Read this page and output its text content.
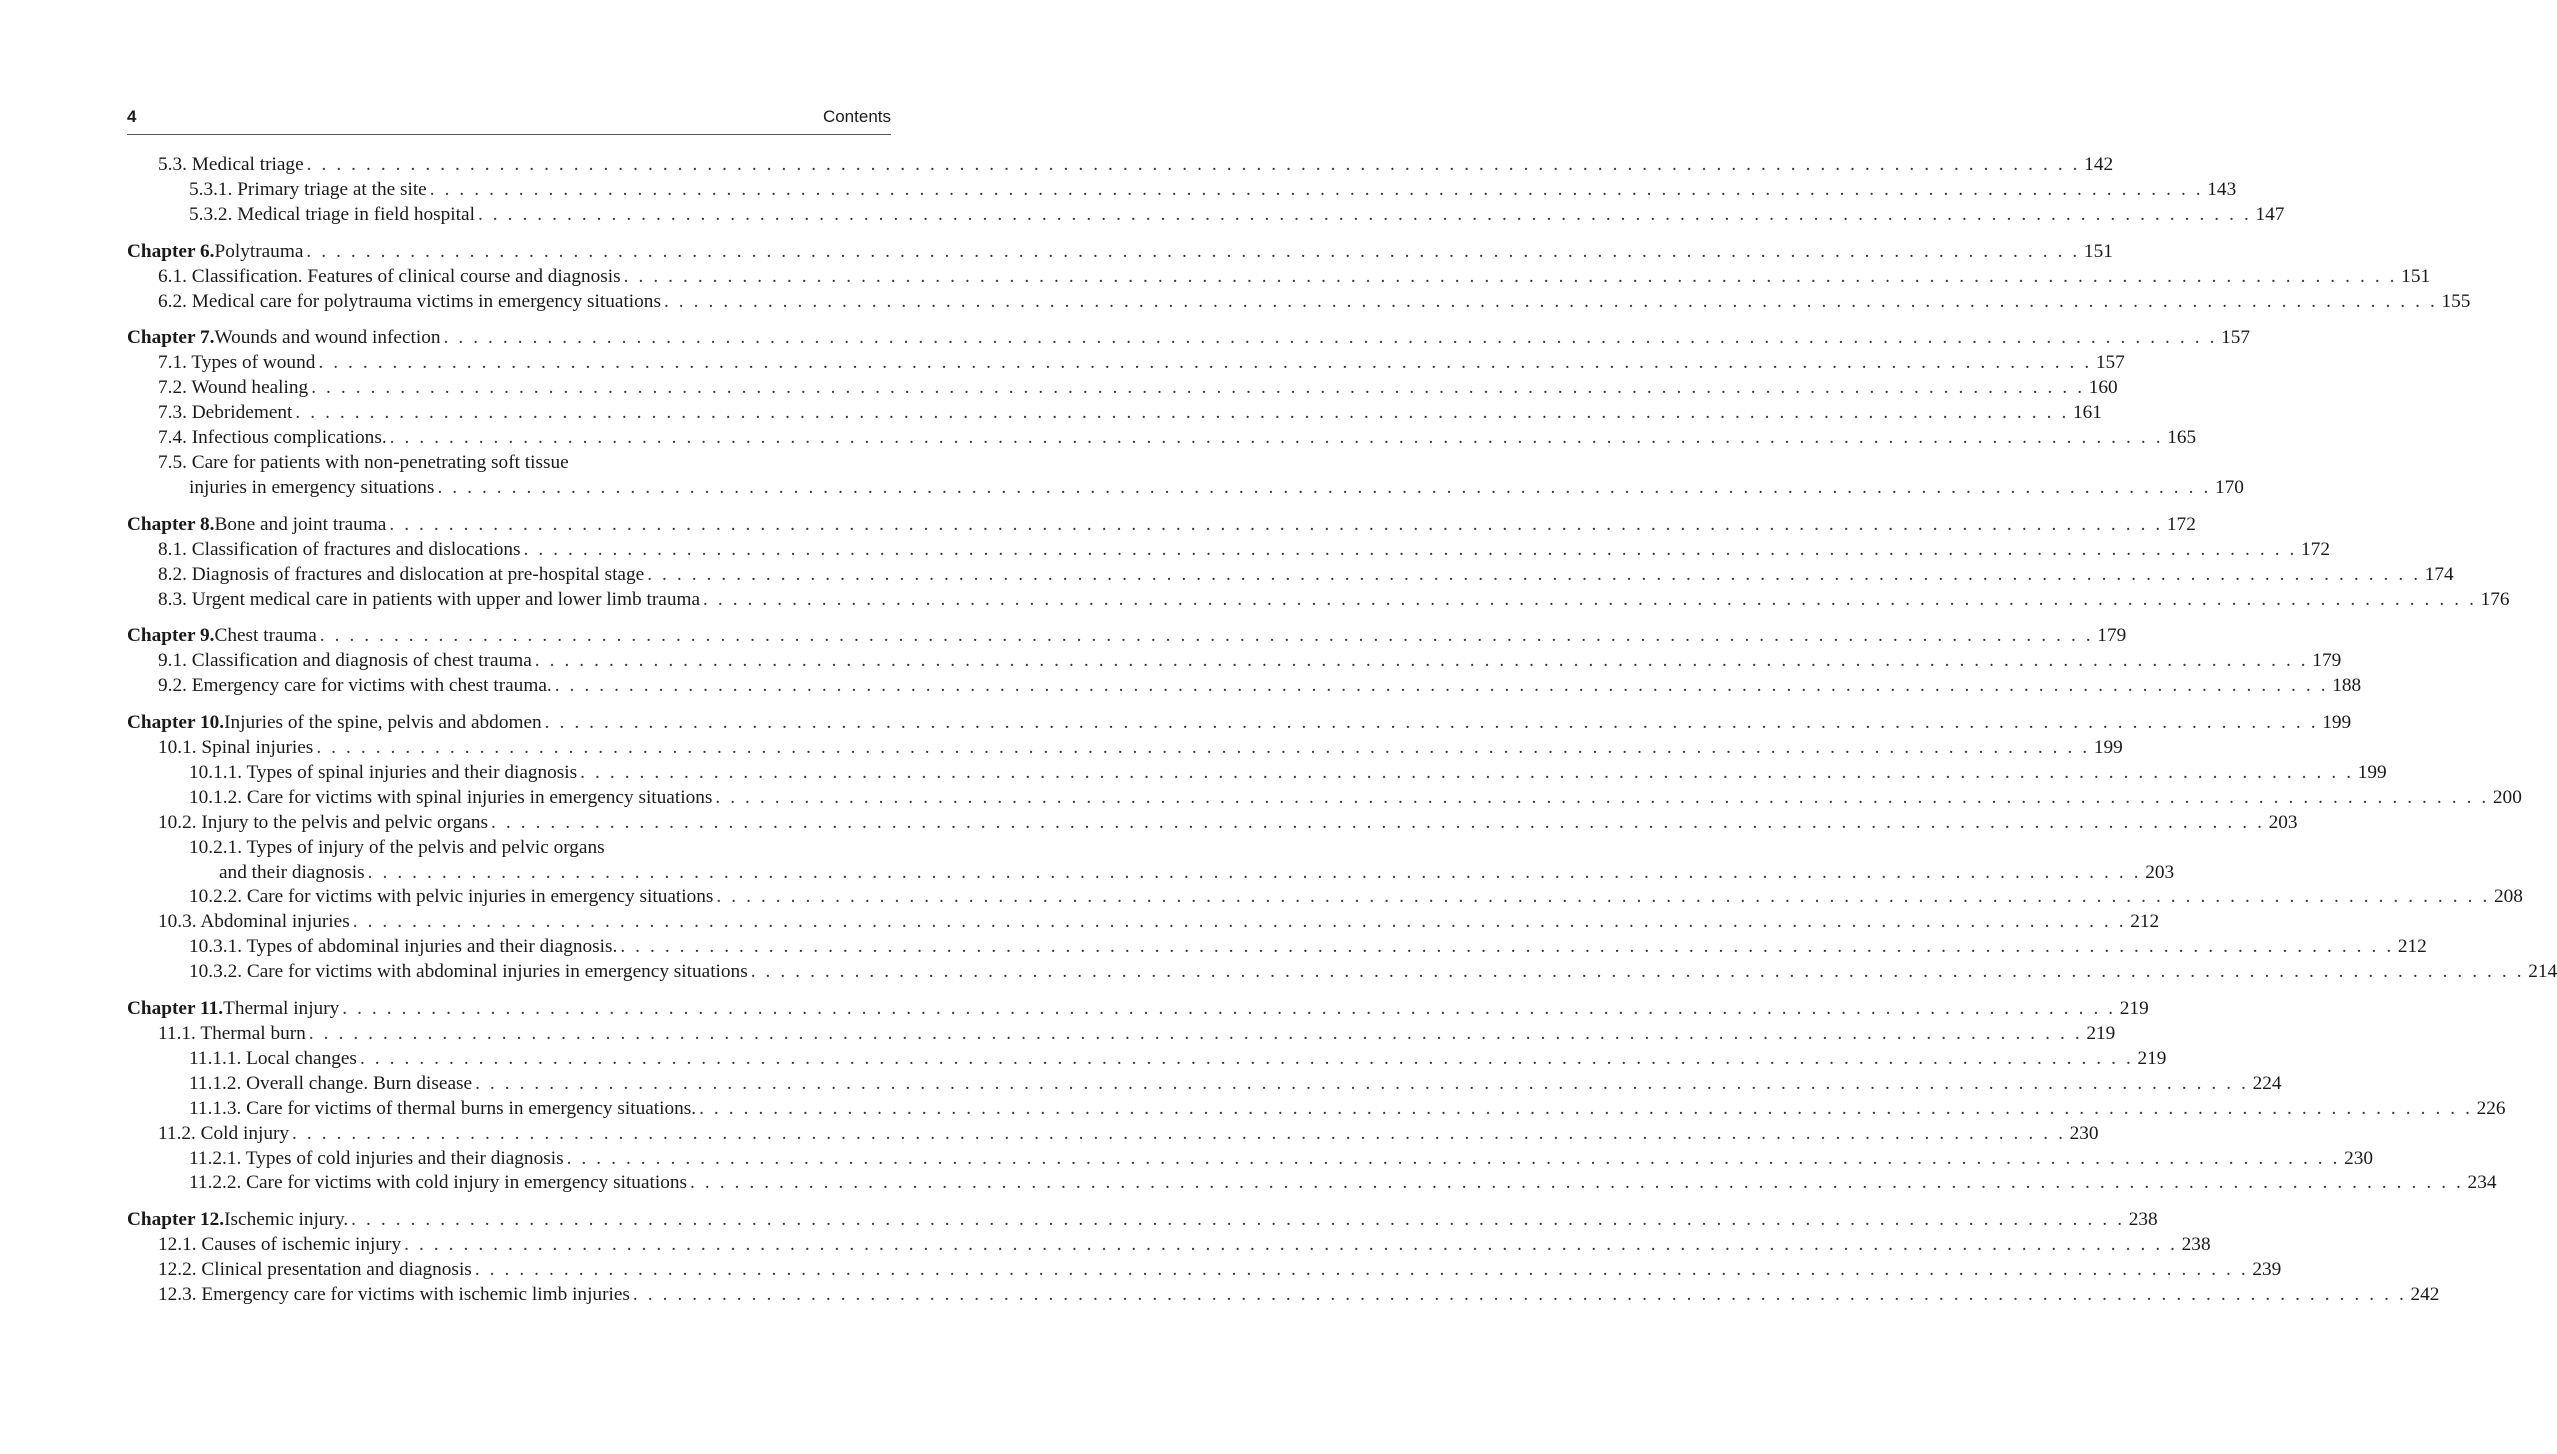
4	Contents
5.3. Medical triage . . . . . . . . . . . . . . . . . . . . . . . . . . . . . . . . . . . . . . . . . . . . . . . . . . . . . . . . . . . . . . . . . . . . . . . . . . . . . . . . . . . . . . . . . . . . . . . . . . . . . . . . . . . . . . . . . . . . . . . . 142
5.3.1. Primary triage at the site . . . . . . . . . . . . . . . . . . . . . . . . . . . . . . . . . . . . . . . . . . . . . . . . . . . . . . . . . . . . . . . . . . . . . . . . . . . . . . . . . . . . . . . . . . . . . . . . . . . . . . . . . . . . . . . . . . . . . . . . 143
5.3.2. Medical triage in field hospital . . . . . . . . . . . . . . . . . . . . . . . . . . . . . . . . . . . . . . . . . . . . . . . . . . . . . . . . . . . . . . . . . . . . . . . . . . . . . . . . . . . . . . . . . . . . . . . . . . . . . . . . . . . . . . . . . . . . . . . . 147
Chapter 6. Polytrauma . . . . . . . . . . . . . . . . . . . . . . . . . . . . . . . . . . . . . . . . . . . . . . . . . . . . . . . . . . . . . . . . . . . . . . . . . . . . . . . . . . . . . . . . . . . . . . . . . . . . . . . . . . . . . . . . . . . . . . . . 151
6.1. Classification. Features of clinical course and diagnosis . . . . . . . . . . . . . . . . . . . . . . . . . . . . . . . . . . . . . . . . . . . . . . . . . . . . . . . . . . . . . . . . . . . . . . . . . . . . . . . . . . . . . . . . . . . . . . . . . . . . . . . . . . . . . . . . . . . . . . . . 151
6.2. Medical care for polytrauma victims in emergency situations . . . . . . . . . . . . . . . . . . . . . . . . . . . . . . . . . . . . . . . . . . . . . . . . . . . . . . . . . . . . . . . . . . . . . . . . . . . . . . . . . . . . . . . . . . . . . . . . . . . . . . . . . . . . . . . . . . . . . . . . 155
Chapter 7. Wounds and wound infection . . . . . . . . . . . . . . . . . . . . . . . . . . . . . . . . . . . . . . . . . . . . . . . . . . . . . . . . . . . . . . . . . . . . . . . . . . . . . . . . . . . . . . . . . . . . . . . . . . . . . . . . . . . . . . . . . . . . . . . . 157
7.1. Types of wound . . . . . . . . . . . . . . . . . . . . . . . . . . . . . . . . . . . . . . . . . . . . . . . . . . . . . . . . . . . . . . . . . . . . . . . . . . . . . . . . . . . . . . . . . . . . . . . . . . . . . . . . . . . . . . . . . . . . . . . . 157
7.2. Wound healing . . . . . . . . . . . . . . . . . . . . . . . . . . . . . . . . . . . . . . . . . . . . . . . . . . . . . . . . . . . . . . . . . . . . . . . . . . . . . . . . . . . . . . . . . . . . . . . . . . . . . . . . . . . . . . . . . . . . . . . . 160
7.3. Debridement . . . . . . . . . . . . . . . . . . . . . . . . . . . . . . . . . . . . . . . . . . . . . . . . . . . . . . . . . . . . . . . . . . . . . . . . . . . . . . . . . . . . . . . . . . . . . . . . . . . . . . . . . . . . . . . . . . . . . . . . 161
7.4. Infectious complications. . . . . . . . . . . . . . . . . . . . . . . . . . . . . . . . . . . . . . . . . . . . . . . . . . . . . . . . . . . . . . . . . . . . . . . . . . . . . . . . . . . . . . . . . . . . . . . . . . . . . . . . . . . . . . . . . . . . . . . . . 165
7.5. Care for patients with non-penetrating soft tissue
injuries in emergency situations . . . . . . . . . . . . . . . . . . . . . . . . . . . . . . . . . . . . . . . . . . . . . . . . . . . . . . . . . . . . . . . . . . . . . . . . . . . . . . . . . . . . . . . . . . . . . . . . . . . . . . . . . . . . . . . . . . . . . . . . 170
Chapter 8. Bone and joint trauma . . . . . . . . . . . . . . . . . . . . . . . . . . . . . . . . . . . . . . . . . . . . . . . . . . . . . . . . . . . . . . . . . . . . . . . . . . . . . . . . . . . . . . . . . . . . . . . . . . . . . . . . . . . . . . . . . . . . . . . . 172
8.1. Classification of fractures and dislocations . . . . . . . . . . . . . . . . . . . . . . . . . . . . . . . . . . . . . . . . . . . . . . . . . . . . . . . . . . . . . . . . . . . . . . . . . . . . . . . . . . . . . . . . . . . . . . . . . . . . . . . . . . . . . . . . . . . . . . . . 172
8.2. Diagnosis of fractures and dislocation at pre-hospital stage . . . . . . . . . . . . . . . . . . . . . . . . . . . . . . . . . . . . . . . . . . . . . . . . . . . . . . . . . . . . . . . . . . . . . . . . . . . . . . . . . . . . . . . . . . . . . . . . . . . . . . . . . . . . . . . . . . . . . . . . 174
8.3. Urgent medical care in patients with upper and lower limb trauma . . . . . . . . . . . . . . . . . . . . . . . . . . . . . . . . . . . . . . . . . . . . . . . . . . . . . . . . . . . . . . . . . . . . . . . . . . . . . . . . . . . . . . . . . . . . . . . . . . . . . . . . . . . . . . . . . . . . . . . . 176
Chapter 9. Chest trauma . . . . . . . . . . . . . . . . . . . . . . . . . . . . . . . . . . . . . . . . . . . . . . . . . . . . . . . . . . . . . . . . . . . . . . . . . . . . . . . . . . . . . . . . . . . . . . . . . . . . . . . . . . . . . . . . . . . . . . . . 179
9.1. Classification and diagnosis of chest trauma . . . . . . . . . . . . . . . . . . . . . . . . . . . . . . . . . . . . . . . . . . . . . . . . . . . . . . . . . . . . . . . . . . . . . . . . . . . . . . . . . . . . . . . . . . . . . . . . . . . . . . . . . . . . . . . . . . . . . . . . 179
9.2. Emergency care for victims with chest trauma. . . . . . . . . . . . . . . . . . . . . . . . . . . . . . . . . . . . . . . . . . . . . . . . . . . . . . . . . . . . . . . . . . . . . . . . . . . . . . . . . . . . . . . . . . . . . . . . . . . . . . . . . . . . . . . . . . . . . . . . . 188
Chapter 10. Injuries of the spine, pelvis and abdomen . . . . . . . . . . . . . . . . . . . . . . . . . . . . . . . . . . . . . . . . . . . . . . . . . . . . . . . . . . . . . . . . . . . . . . . . . . . . . . . . . . . . . . . . . . . . . . . . . . . . . . . . . . . . . . . . . . . . . . . . 199
10.1. Spinal injuries . . . . . . . . . . . . . . . . . . . . . . . . . . . . . . . . . . . . . . . . . . . . . . . . . . . . . . . . . . . . . . . . . . . . . . . . . . . . . . . . . . . . . . . . . . . . . . . . . . . . . . . . . . . . . . . . . . . . . . . . 199
10.1.1. Types of spinal injuries and their diagnosis . . . . . . . . . . . . . . . . . . . . . . . . . . . . . . . . . . . . . . . . . . . . . . . . . . . . . . . . . . . . . . . . . . . . . . . . . . . . . . . . . . . . . . . . . . . . . . . . . . . . . . . . . . . . . . . . . . . . . . . . 199
10.1.2. Care for victims with spinal injuries in emergency situations . . . . . . . . . . . . . . . . . . . . . . . . . . . . . . . . . . . . . . . . . . . . . . . . . . . . . . . . . . . . . . . . . . . . . . . . . . . . . . . . . . . . . . . . . . . . . . . . . . . . . . . . . . . . . . . . . . . . . . . . 200
10.2. Injury to the pelvis and pelvic organs . . . . . . . . . . . . . . . . . . . . . . . . . . . . . . . . . . . . . . . . . . . . . . . . . . . . . . . . . . . . . . . . . . . . . . . . . . . . . . . . . . . . . . . . . . . . . . . . . . . . . . . . . . . . . . . . . . . . . . . . 203
10.2.1. Types of injury of the pelvis and pelvic organs
and their diagnosis . . . . . . . . . . . . . . . . . . . . . . . . . . . . . . . . . . . . . . . . . . . . . . . . . . . . . . . . . . . . . . . . . . . . . . . . . . . . . . . . . . . . . . . . . . . . . . . . . . . . . . . . . . . . . . . . . . . . . . . . 203
10.2.2. Care for victims with pelvic injuries in emergency situations . . . . . . . . . . . . . . . . . . . . . . . . . . . . . . . . . . . . . . . . . . . . . . . . . . . . . . . . . . . . . . . . . . . . . . . . . . . . . . . . . . . . . . . . . . . . . . . . . . . . . . . . . . . . . . . . . . . . . . . . 208
10.3. Abdominal injuries . . . . . . . . . . . . . . . . . . . . . . . . . . . . . . . . . . . . . . . . . . . . . . . . . . . . . . . . . . . . . . . . . . . . . . . . . . . . . . . . . . . . . . . . . . . . . . . . . . . . . . . . . . . . . . . . . . . . . . . . 212
10.3.1. Types of abdominal injuries and their diagnosis. . . . . . . . . . . . . . . . . . . . . . . . . . . . . . . . . . . . . . . . . . . . . . . . . . . . . . . . . . . . . . . . . . . . . . . . . . . . . . . . . . . . . . . . . . . . . . . . . . . . . . . . . . . . . . . . . . . . . . . . . 212
10.3.2. Care for victims with abdominal injuries in emergency situations . . . . . . . . . . . . . . . . . . . . . . . . . . . . . . . . . . . . . . . . . . . . . . . . . . . . . . . . . . . . . . . . . . . . . . . . . . . . . . . . . . . . . . . . . . . . . . . . . . . . . . . . . . . . . . . . . . . . . . . . 214
Chapter 11. Thermal injury . . . . . . . . . . . . . . . . . . . . . . . . . . . . . . . . . . . . . . . . . . . . . . . . . . . . . . . . . . . . . . . . . . . . . . . . . . . . . . . . . . . . . . . . . . . . . . . . . . . . . . . . . . . . . . . . . . . . . . . . 219
11.1. Thermal burn . . . . . . . . . . . . . . . . . . . . . . . . . . . . . . . . . . . . . . . . . . . . . . . . . . . . . . . . . . . . . . . . . . . . . . . . . . . . . . . . . . . . . . . . . . . . . . . . . . . . . . . . . . . . . . . . . . . . . . . . 219
11.1.1. Local changes . . . . . . . . . . . . . . . . . . . . . . . . . . . . . . . . . . . . . . . . . . . . . . . . . . . . . . . . . . . . . . . . . . . . . . . . . . . . . . . . . . . . . . . . . . . . . . . . . . . . . . . . . . . . . . . . . . . . . . . . 219
11.1.2. Overall change. Burn disease . . . . . . . . . . . . . . . . . . . . . . . . . . . . . . . . . . . . . . . . . . . . . . . . . . . . . . . . . . . . . . . . . . . . . . . . . . . . . . . . . . . . . . . . . . . . . . . . . . . . . . . . . . . . . . . . . . . . . . . . 224
11.1.3. Care for victims of thermal burns in emergency situations. . . . . . . . . . . . . . . . . . . . . . . . . . . . . . . . . . . . . . . . . . . . . . . . . . . . . . . . . . . . . . . . . . . . . . . . . . . . . . . . . . . . . . . . . . . . . . . . . . . . . . . . . . . . . . . . . . . . . . . . . 226
11.2. Cold injury . . . . . . . . . . . . . . . . . . . . . . . . . . . . . . . . . . . . . . . . . . . . . . . . . . . . . . . . . . . . . . . . . . . . . . . . . . . . . . . . . . . . . . . . . . . . . . . . . . . . . . . . . . . . . . . . . . . . . . . . 230
11.2.1. Types of cold injuries and their diagnosis . . . . . . . . . . . . . . . . . . . . . . . . . . . . . . . . . . . . . . . . . . . . . . . . . . . . . . . . . . . . . . . . . . . . . . . . . . . . . . . . . . . . . . . . . . . . . . . . . . . . . . . . . . . . . . . . . . . . . . . . 230
11.2.2. Care for victims with cold injury in emergency situations . . . . . . . . . . . . . . . . . . . . . . . . . . . . . . . . . . . . . . . . . . . . . . . . . . . . . . . . . . . . . . . . . . . . . . . . . . . . . . . . . . . . . . . . . . . . . . . . . . . . . . . . . . . . . . . . . . . . . . . . 234
Chapter 12. Ischemic injury. . . . . . . . . . . . . . . . . . . . . . . . . . . . . . . . . . . . . . . . . . . . . . . . . . . . . . . . . . . . . . . . . . . . . . . . . . . . . . . . . . . . . . . . . . . . . . . . . . . . . . . . . . . . . . . . . . . . . . . . . 238
12.1. Causes of ischemic injury . . . . . . . . . . . . . . . . . . . . . . . . . . . . . . . . . . . . . . . . . . . . . . . . . . . . . . . . . . . . . . . . . . . . . . . . . . . . . . . . . . . . . . . . . . . . . . . . . . . . . . . . . . . . . . . . . . . . . . . . 238
12.2. Clinical presentation and diagnosis . . . . . . . . . . . . . . . . . . . . . . . . . . . . . . . . . . . . . . . . . . . . . . . . . . . . . . . . . . . . . . . . . . . . . . . . . . . . . . . . . . . . . . . . . . . . . . . . . . . . . . . . . . . . . . . . . . . . . . . . 239
12.3. Emergency care for victims with ischemic limb injuries . . . . . . . . . . . . . . . . . . . . . . . . . . . . . . . . . . . . . . . . . . . . . . . . . . . . . . . . . . . . . . . . . . . . . . . . . . . . . . . . . . . . . . . . . . . . . . . . . . . . . . . . . . . . . . . . . . . . . . . . 242
